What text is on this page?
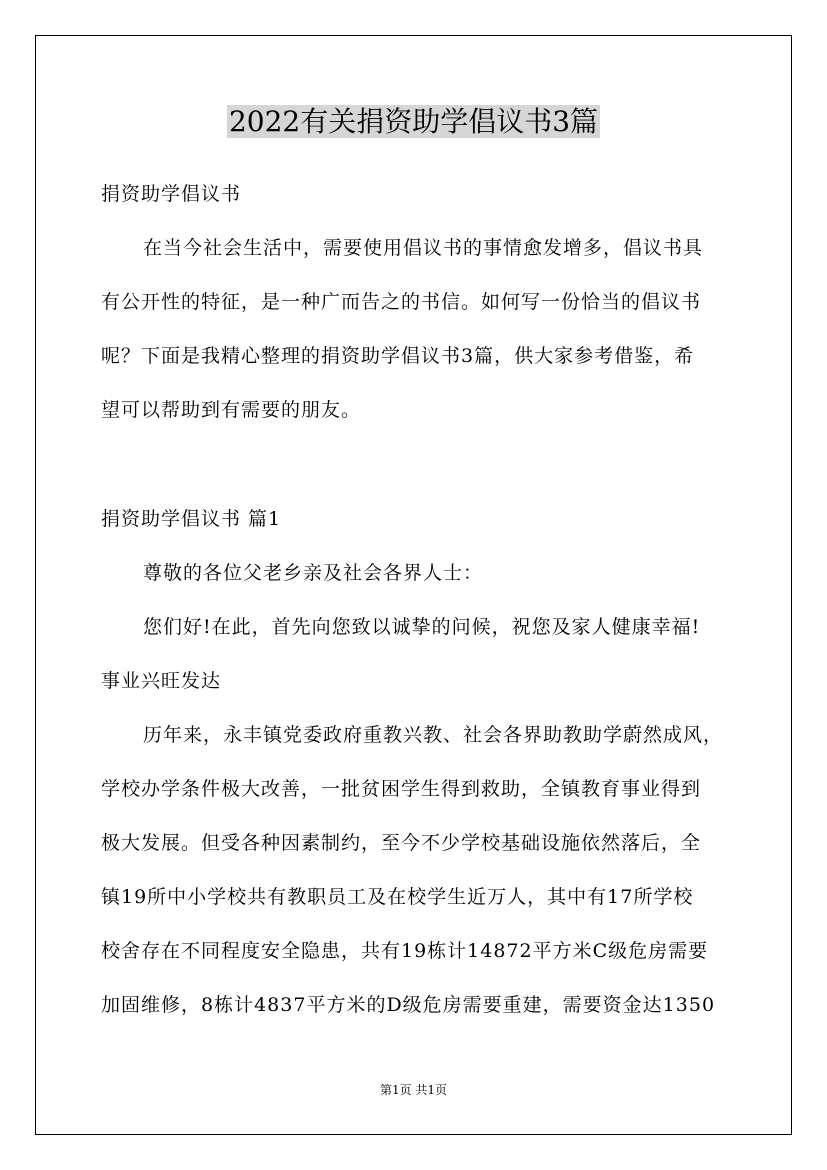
2022有关捐资助学倡议书3篇
捐资助学倡议书
在当今社会生活中，需要使用倡议书的事情愈发增多，倡议书具
有公开性的特征，是一种广而告之的书信。如何写一份恰当的倡议书
呢？下面是我精心整理的捐资助学倡议书3篇，供大家参考借鉴，希
望可以帮助到有需要的朋友。
捐资助学倡议书 篇1
尊敬的各位父老乡亲及社会各界人士：
您们好!在此，首先向您致以诚挚的问候，祝您及家人健康幸福!
事业兴旺发达
历年来，永丰镇党委政府重教兴教、社会各界助教助学蔚然成风，
学校办学条件极大改善，一批贫困学生得到救助，全镇教育事业得到
极大发展。但受各种因素制约，至今不少学校基础设施依然落后，全
镇19所中小学校共有教职员工及在校学生近万人，其中有17所学校
校舍存在不同程度安全隐患，共有19栋计14872平方米C级危房需要
加固维修，8栋计4837平方米的D级危房需要重建，需要资金达1350
第1页 共1页
